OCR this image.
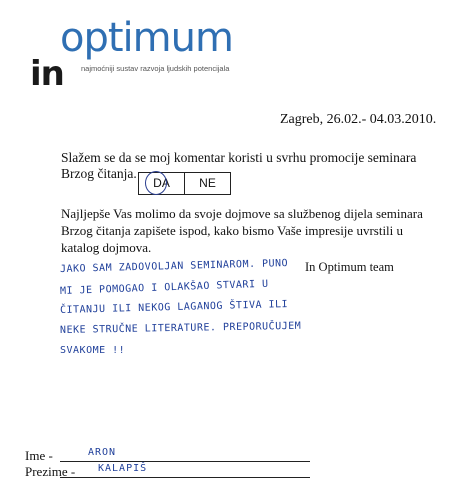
optimum
in najmoćniji sustav razvoja ljudskih potencijala
Zagreb, 26.02.- 04.03.2010.
Slažem se da se moj komentar koristi u svrhu promocije seminara Brzog čitanja.
DA	NE
Najljepše Vas molimo da svoje dojmove sa službenog dijela seminara Brzog čitanja zapišete ispod, kako bismo Vaše impresije uvrstili u katalog dojmova.
In Optimum team
JAKO SAM ZADOVOLJAN SEMINAROM. PUNO
MI JE POMOGAO I OLAKŠAO STVARI U
ČITANJU ILI NEKOG LAGANOG ŠTIVA ILI
NEKE STRUČNE LITERATURE. PREPORUČUJEM
SVAKOME !!
Ime -	ARON
Prezime - KALAPIŠ
